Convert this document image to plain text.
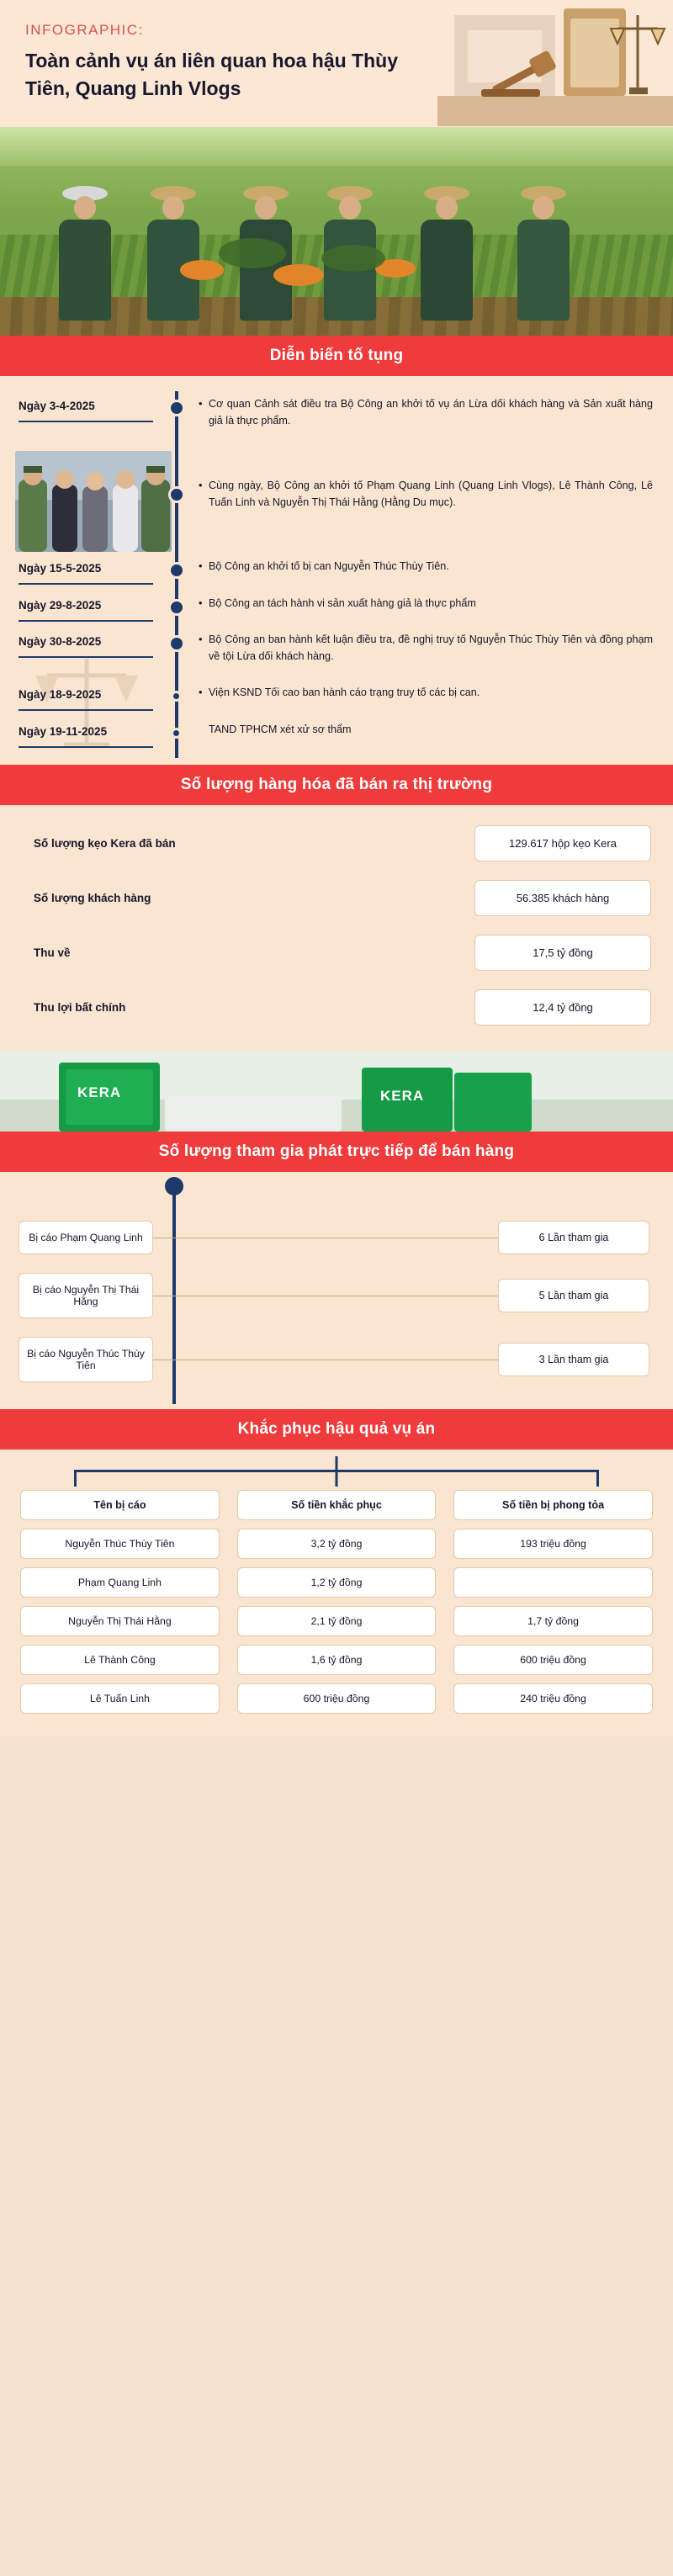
INFOGRAPHIC:
Toàn cảnh vụ án liên quan hoa hậu Thùy Tiên, Quang Linh Vlogs
Diễn biến tố tụng
Ngày 3-4-2025	• Cơ quan Cảnh sát điều tra Bộ Công an khởi tố vụ án Lừa dối khách hàng và Sản xuất hàng giả là thực phẩm.
• Cùng ngày, Bộ Công an khởi tố Phạm Quang Linh (Quang Linh Vlogs), Lê Thành Công, Lê Tuấn Linh và Nguyễn Thị Thái Hằng (Hằng Du mục).
Ngày 15-5-2025	• Bộ Công an khởi tố bị can Nguyễn Thúc Thùy Tiên.
Ngày 29-8-2025	• Bộ Công an tách hành vi sản xuất hàng giả là thực phẩm
Ngày 30-8-2025	• Bộ Công an ban hành kết luận điều tra, đề nghị truy tố Nguyễn Thúc Thùy Tiên và đồng phạm về tội Lừa dối khách hàng.
Ngày 18-9-2025	• Viện KSND Tối cao ban hành cáo trạng truy tố các bị can.
Ngày 19-11-2025	TAND TPHCM xét xử sơ thẩm
Số lượng hàng hóa đã bán ra thị trường
Số lượng kẹo Kera đã bán	129.617 hộp kẹo Kera
Số lượng khách hàng	56.385 khách hàng
Thu về	17,5 tỷ đồng
Thu lợi bất chính	12,4 tỷ đồng
KERA	KERA
Số lượng tham gia phát trực tiếp để bán hàng
Bị cáo Phạm Quang Linh	6 Lần tham gia
Bị cáo Nguyễn Thị Thái Hằng	5 Lần tham gia
Bị cáo Nguyễn Thúc Thùy Tiên	3 Lần tham gia
Khắc phục hậu quả vụ án
Tên bị cáo	Số tiền khắc phục	Số tiền bị phong tỏa
Nguyễn Thúc Thùy Tiên	3,2 tỷ đồng	193 triệu đồng
Phạm Quang Linh	1,2 tỷ đồng
Nguyễn Thị Thái Hằng	2,1 tỷ đồng	1,7 tỷ đồng
Lê Thành Công	1,6 tỷ đồng	600 triệu đồng
Lê Tuấn Linh	600 triệu đồng	240 triệu đồng
